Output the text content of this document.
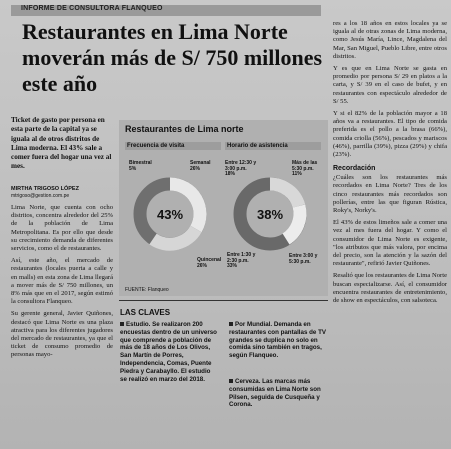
INFORME DE CONSULTORA FLANQUEO
Restaurantes en Lima Norte moverán más de S/ 750 millones este año
Ticket de gasto por persona en esta parte de la capital ya se iguala al de otros distritos de Lima moderna. El 43% sale a comer fuera del hogar una vez al mes.
MIRTHA TRIGOSO LÓPEZ
mtrigoso@gestion.com.pe

Lima Norte, que cuenta con ocho distritos, concentra alrededor del 25% de la población de Lima Metropolitana. Es por ello que desde su crecimiento demanda de diferentes servicios, como el de restaurantes.

Así, este año, el mercado de restaurantes (locales puerta a calle y en malls) en esta zona de Lima llegará a mover más de S/ 750 millones, un 8% más que en el 2017, según estimó la consultora Flanqueo.

Su gerente general, Javier Quiñones, destacó que Lima Norte es una plaza atractiva para los diferentes jugadores del mercado de restaurantes, ya que el ticket de consumo promedio de personas mayo-

Restaurantes de Lima norte
Frecuencia de visita	Horario de asistencia
Bimestral
5%
Semanal
26%
Quincenal
26%
Entre 12:30 y
3:00 p.m.
18%
Más de las
5:30 p.m.
11%
Entre 1:30 y
2:30 p.m.
33%
Entre 3:00 y
5:30 p.m.
43%	38%
FUENTE: Flanqueo
LAS CLAVES
Estudio. Se realizaron 200 encuestas dentro de un universo que comprende a población de más de 18 años de Los Olivos, San Martín de Porres, Independencia, Comas, Puente Piedra y Carabayllo. El estudio se realizó en marzo del 2018.
Por Mundial. Demanda en restaurantes con pantallas de TV grandes se duplica no solo en comida sino también en tragos, según Flanqueo.
Cerveza. Las marcas más consumidas en Lima Norte son Pilsen, seguida de Cusqueña y Corona.

res a los 18 años en estos locales ya se iguala al de otras zonas de Lima moderna, como Jesús María, Lince, Magdalena del Mar, San Miguel, Pueblo Libre, entre otros distritos.

Y es que en Lima Norte se gasta en promedio por persona S/ 29 en platos a la carta, y S/ 39 en el caso de bufet, y en restaurantes con espectáculo alrededor de S/ 55.

Y si el 82% de la población mayor a 18 años va a restaurantes. El tipo de comida preferida es el pollo a la brasa (66%), comida criolla (56%), pescados y mariscos (46%), parrilla (39%), pizza (29%) y chifa (23%).

Recordación

¿Cuáles son los restaurantes más recordados en Lima Norte? Tres de los cinco restaurantes más recordados son pollerías, entre las que figuran Rústica, Roky's, Norky's.

El 43% de estos limeños sale a comer una vez al mes fuera del hogar. Y como el consumidor de Lima Norte es exigente, "los atributos que más valora, por encima del precio, son la atención y la sazón del restaurante", refirió Javier Quiñones.

Resaltó que los restaurantes de Lima Norte buscan especializarse. Así, el consumidor encuentra restaurantes de entretenimiento, de show en espectáculos, con salsoteca.
